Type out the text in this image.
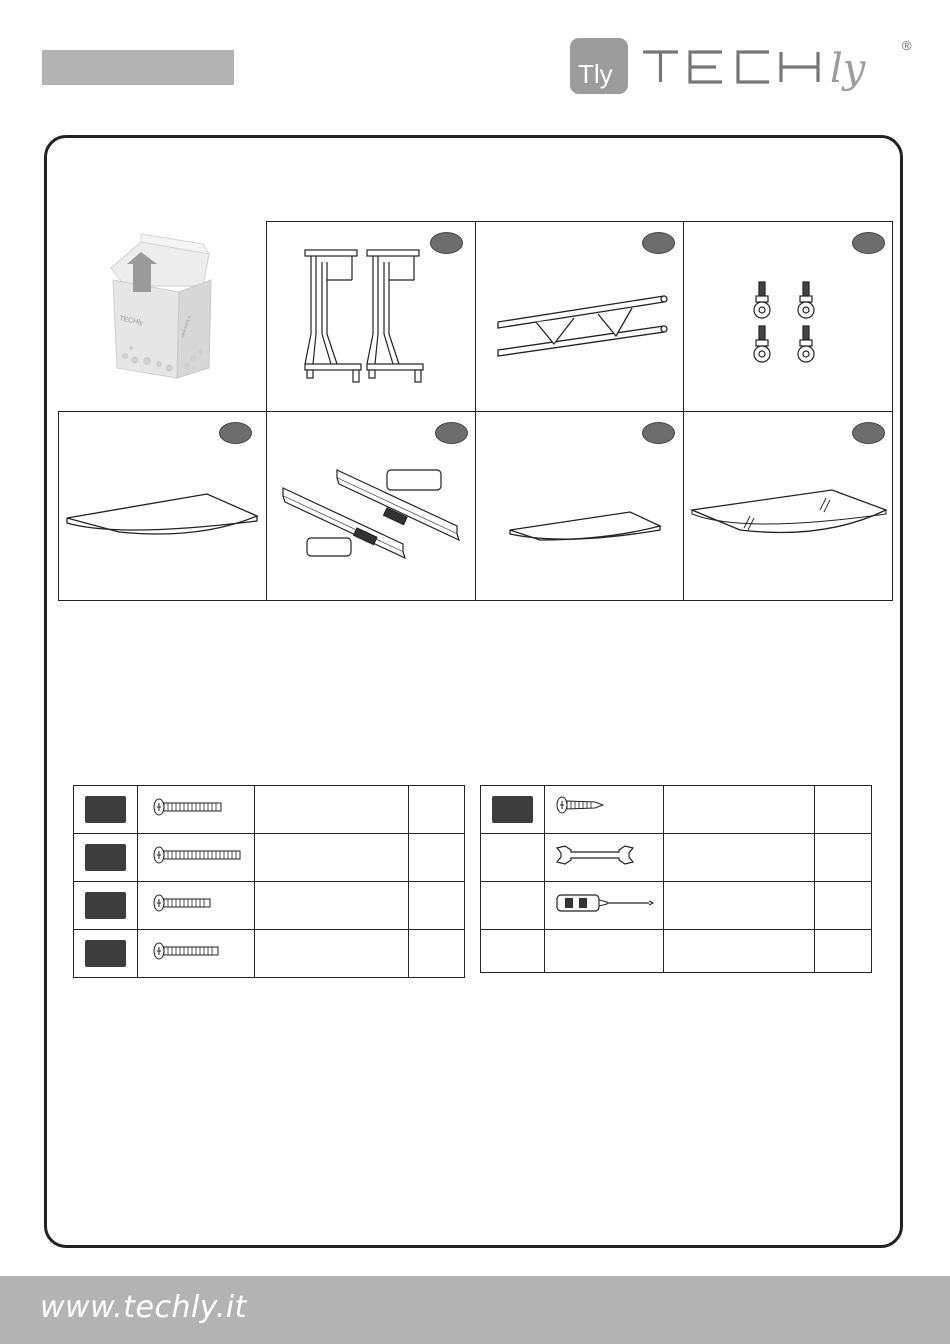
Tly	ly
®
TECHly	www.techly.it

www.techly.it
